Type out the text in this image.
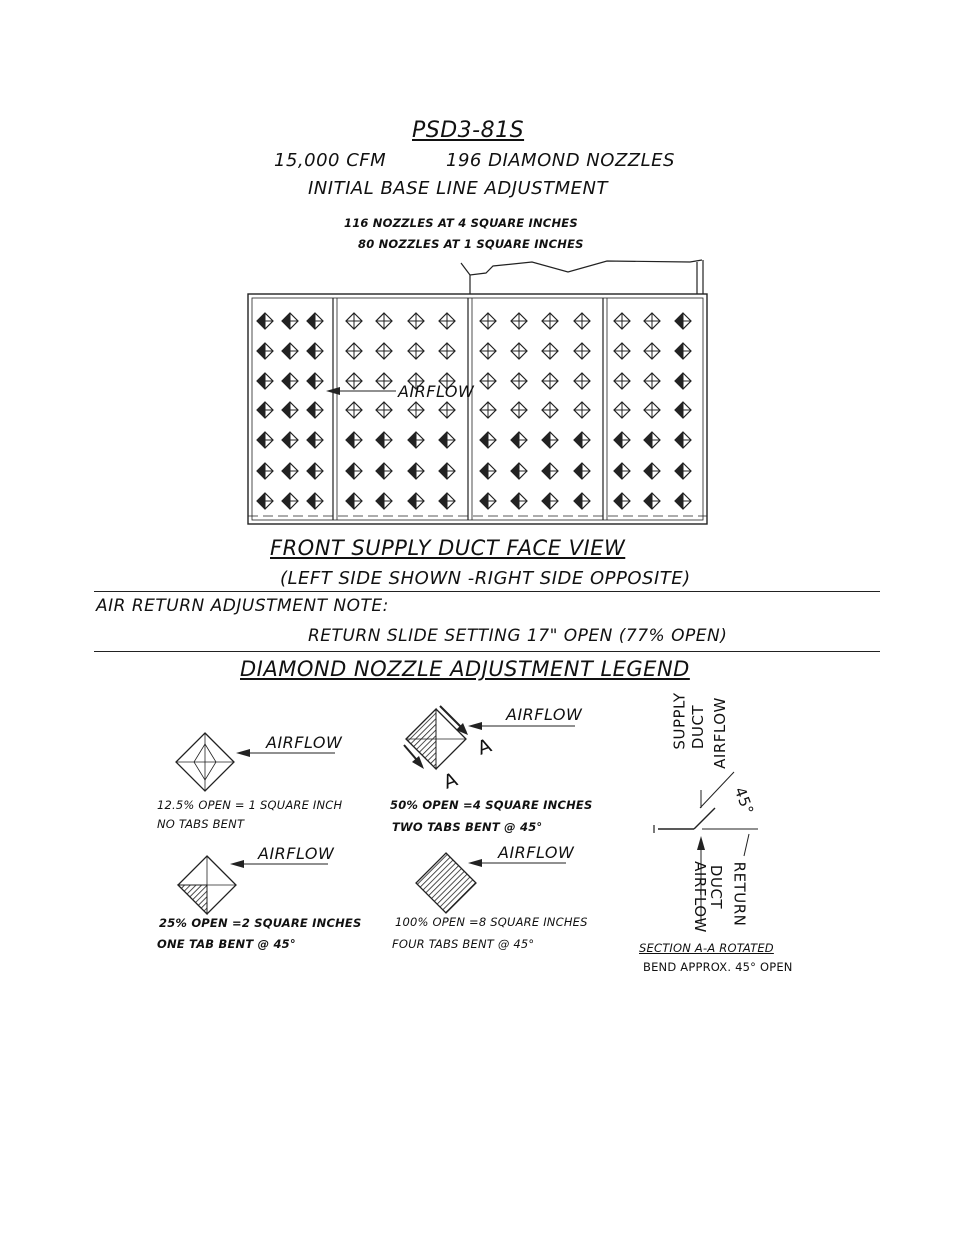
PSD3-81S
15,000 CFM	196 DIAMOND NOZZLES
INITIAL BASE LINE ADJUSTMENT
116 NOZZLES AT 4 SQUARE INCHES
80 NOZZLES AT 1 SQUARE INCHES
AIRFLOW
FRONT SUPPLY DUCT FACE VIEW
(LEFT SIDE SHOWN -RIGHT SIDE OPPOSITE)
AIR RETURN ADJUSTMENT NOTE:
RETURN SLIDE SETTING 17" OPEN (77% OPEN)
DIAMOND NOZZLE ADJUSTMENT LEGEND
AIRFLOW
AIRFLOW
AIRFLOW
AIRFLOW
A
A
12.5% OPEN = 1 SQUARE INCH
NO TABS BENT
50% OPEN =4 SQUARE INCHES
TWO TABS BENT @ 45°
25% OPEN =2 SQUARE INCHES
ONE TAB BENT @ 45°
100% OPEN =8 SQUARE INCHES
FOUR TABS BENT @ 45°
SUPPLY DUCT AIRFLOW
RETURN
DUCT
AIRFLOW
45°
SECTION A-A ROTATED
BEND APPROX. 45° OPEN
